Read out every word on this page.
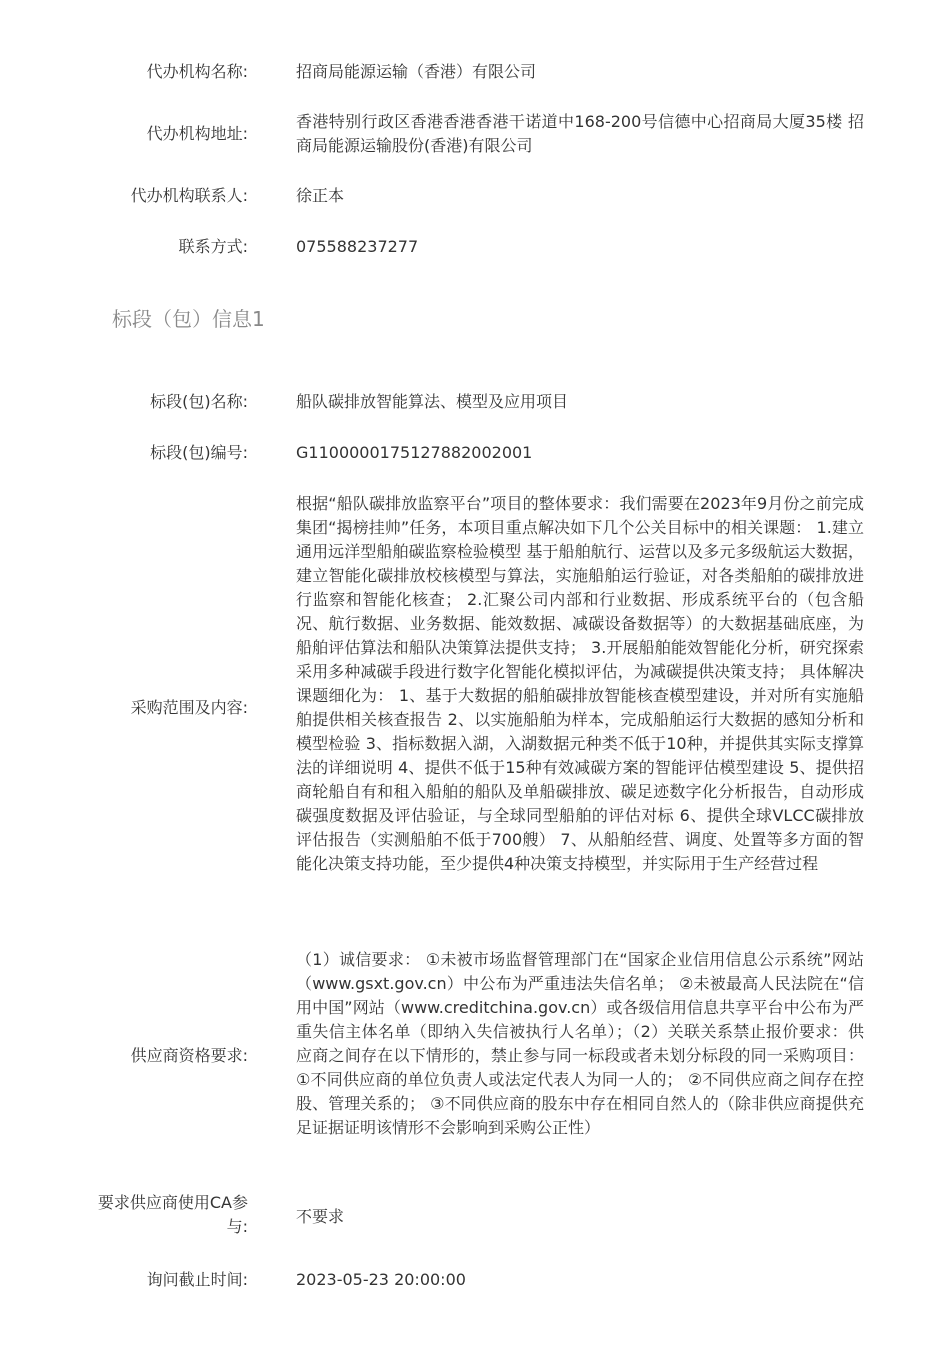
代办机构名称:	招商局能源运输（香港）有限公司
代办机构地址:
香港特别行政区香港香港香港干诺道中168-200号信德中心招商局大厦35楼 招商局能源运输股份(香港)有限公司
代办机构联系人:	徐正本
联系方式:	075588237277
标段（包）信息1
标段(包)名称:	船队碳排放智能算法、模型及应用项目
标段(包)编号:	G1100000175127882002001
采购范围及内容:
根据“船队碳排放监察平台”项目的整体要求：我们需要在2023年9月份之前完成集团“揭榜挂帅”任务，本项目重点解决如下几个公关目标中的相关课题： 1.建立通用远洋型船舶碳监察检验模型 基于船舶航行、运营以及多元多级航运大数据，建立智能化碳排放校核模型与算法，实施船舶运行验证，对各类船舶的碳排放进行监察和智能化核查； 2.汇聚公司内部和行业数据、形成系统平台的（包含船况、航行数据、业务数据、能效数据、减碳设备数据等）的大数据基础底座，为船舶评估算法和船队决策算法提供支持； 3.开展船舶能效智能化分析，研究探索采用多种减碳手段进行数字化智能化模拟评估，为减碳提供决策支持； 具体解决课题细化为： 1、基于大数据的船舶碳排放智能核查模型建设，并对所有实施船舶提供相关核查报告 2、以实施船舶为样本，完成船舶运行大数据的感知分析和模型检验 3、指标数据入湖，入湖数据元种类不低于10种，并提供其实际支撑算法的详细说明 4、提供不低于15种有效减碳方案的智能评估模型建设 5、提供招商轮船自有和租入船舶的船队及单船碳排放、碳足迹数字化分析报告，自动形成碳强度数据及评估验证，与全球同型船舶的评估对标 6、提供全球VLCC碳排放评估报告（实测船舶不低于700艘） 7、从船舶经营、调度、处置等多方面的智能化决策支持功能，至少提供4种决策支持模型，并实际用于生产经营过程
供应商资格要求:
（1）诚信要求： ①未被市场监督管理部门在“国家企业信用信息公示系统”网站（www.gsxt.gov.cn）中公布为严重违法失信名单； ②未被最高人民法院在“信用中国”网站（www.creditchina.gov.cn）或各级信用信息共享平台中公布为严重失信主体名单（即纳入失信被执行人名单）；（2）关联关系禁止报价要求：供应商之间存在以下情形的，禁止参与同一标段或者未划分标段的同一采购项目： ①不同供应商的单位负责人或法定代表人为同一人的； ②不同供应商之间存在控股、管理关系的； ③不同供应商的股东中存在相同自然人的（除非供应商提供充足证据证明该情形不会影响到采购公正性）
要求供应商使用CA参与:
不要求
询问截止时间:	2023-05-23 20:00:00
